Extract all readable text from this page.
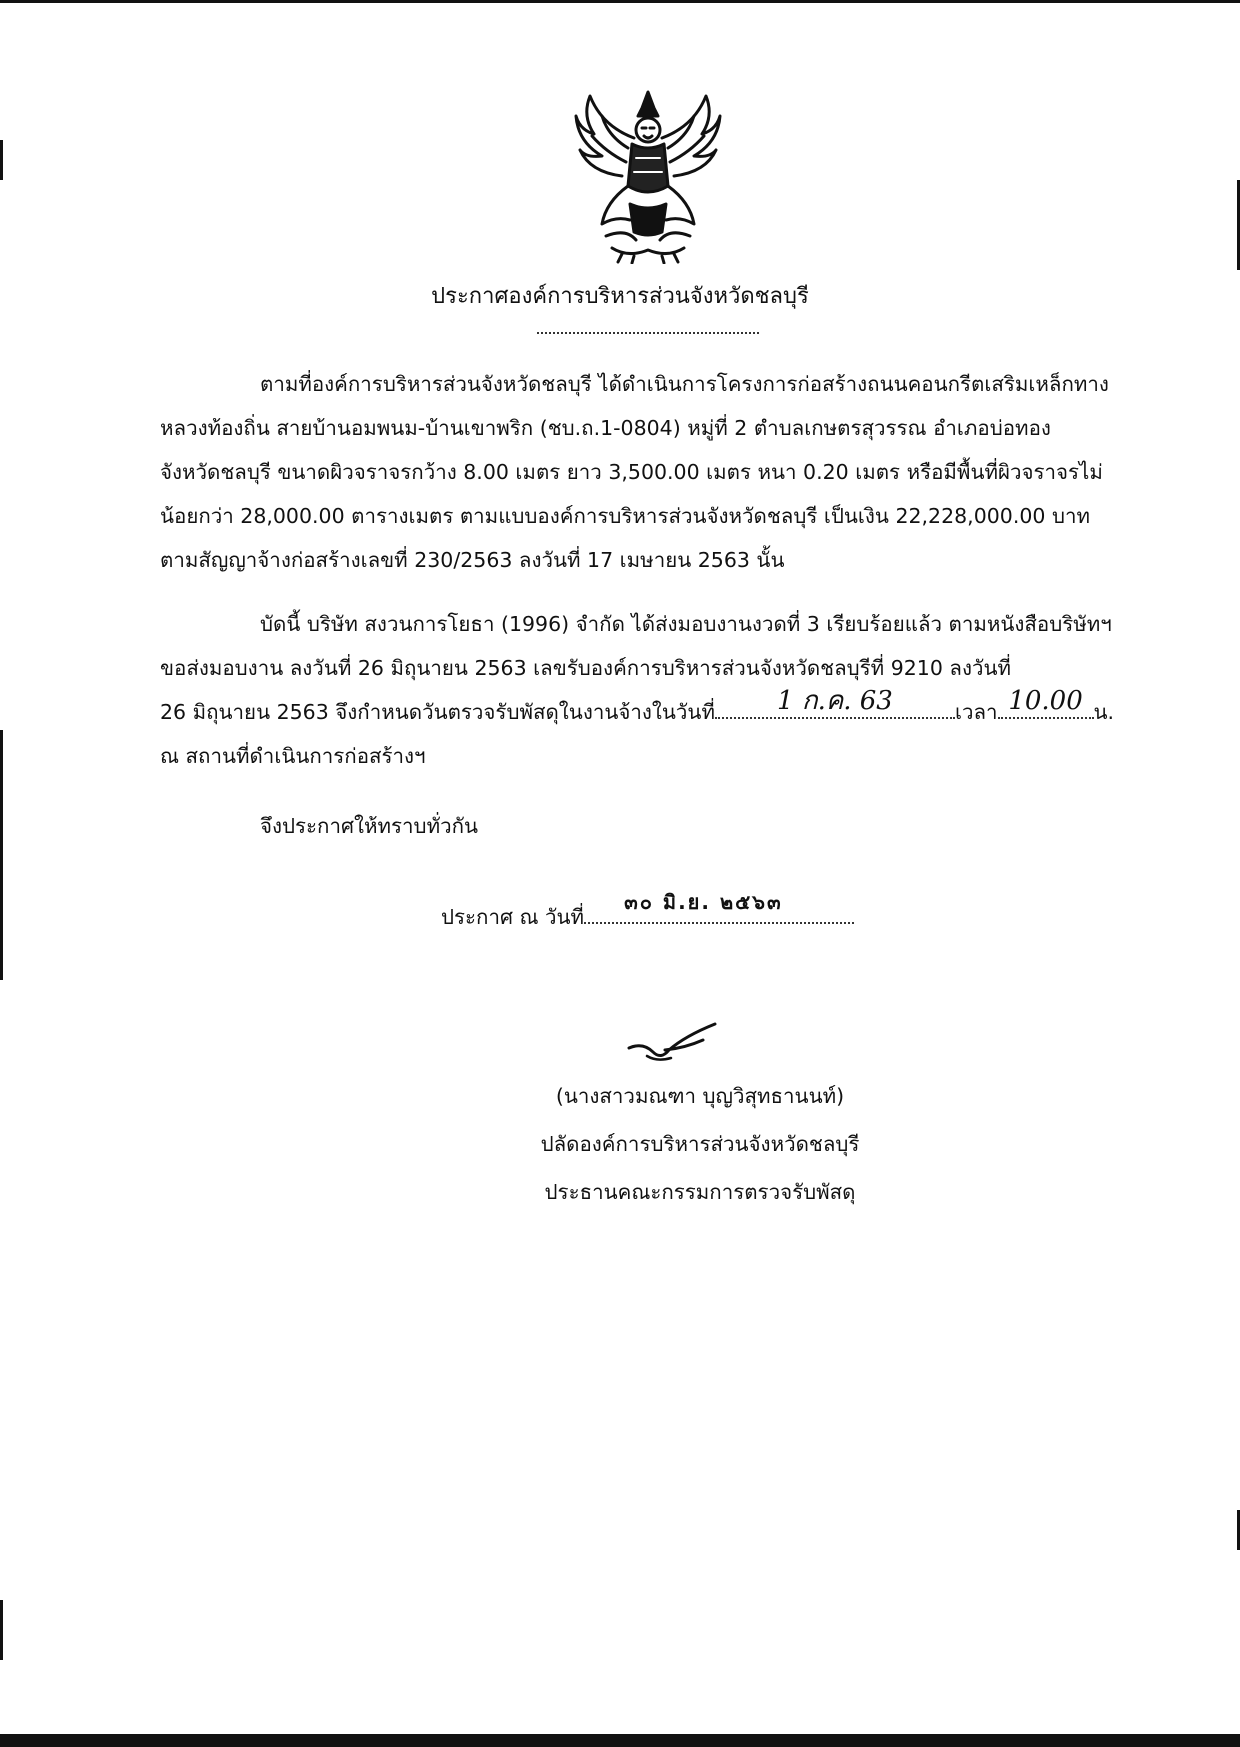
ประกาศองค์การบริหารส่วนจังหวัดชลบุรี
ตามที่องค์การบริหารส่วนจังหวัดชลบุรี ได้ดำเนินการโครงการก่อสร้างถนนคอนกรีตเสริมเหล็กทาง
หลวงท้องถิ่น สายบ้านอมพนม-บ้านเขาพริก (ชบ.ถ.1-0804) หมู่ที่ 2 ตำบลเกษตรสุวรรณ อำเภอบ่อทอง
จังหวัดชลบุรี ขนาดผิวจราจรกว้าง 8.00 เมตร ยาว 3,500.00 เมตร หนา 0.20 เมตร หรือมีพื้นที่ผิวจราจรไม่
น้อยกว่า 28,000.00 ตารางเมตร ตามแบบองค์การบริหารส่วนจังหวัดชลบุรี เป็นเงิน 22,228,000.00 บาท
ตามสัญญาจ้างก่อสร้างเลขที่ 230/2563 ลงวันที่ 17 เมษายน 2563 นั้น
บัดนี้ บริษัท สงวนการโยธา (1996) จำกัด ได้ส่งมอบงานงวดที่ 3 เรียบร้อยแล้ว ตามหนังสือบริษัทฯ
ขอส่งมอบงาน ลงวันที่ 26 มิถุนายน 2563 เลขรับองค์การบริหารส่วนจังหวัดชลบุรีที่ 9210 ลงวันที่
26 มิถุนายน 2563 จึงกำหนดวันตรวจรับพัสดุในงานจ้างในวันที่	1 ก.ค. 63	เวลา 10.00 น.
ณ สถานที่ดำเนินการก่อสร้างฯ
จึงประกาศให้ทราบทั่วกัน
ประกาศ ณ วันที่
๓๐ มิ.ย. ๒๕๖๓
(นางสาวมณฑา บุญวิสุทธานนท์)
ปลัดองค์การบริหารส่วนจังหวัดชลบุรี
ประธานคณะกรรมการตรวจรับพัสดุ
